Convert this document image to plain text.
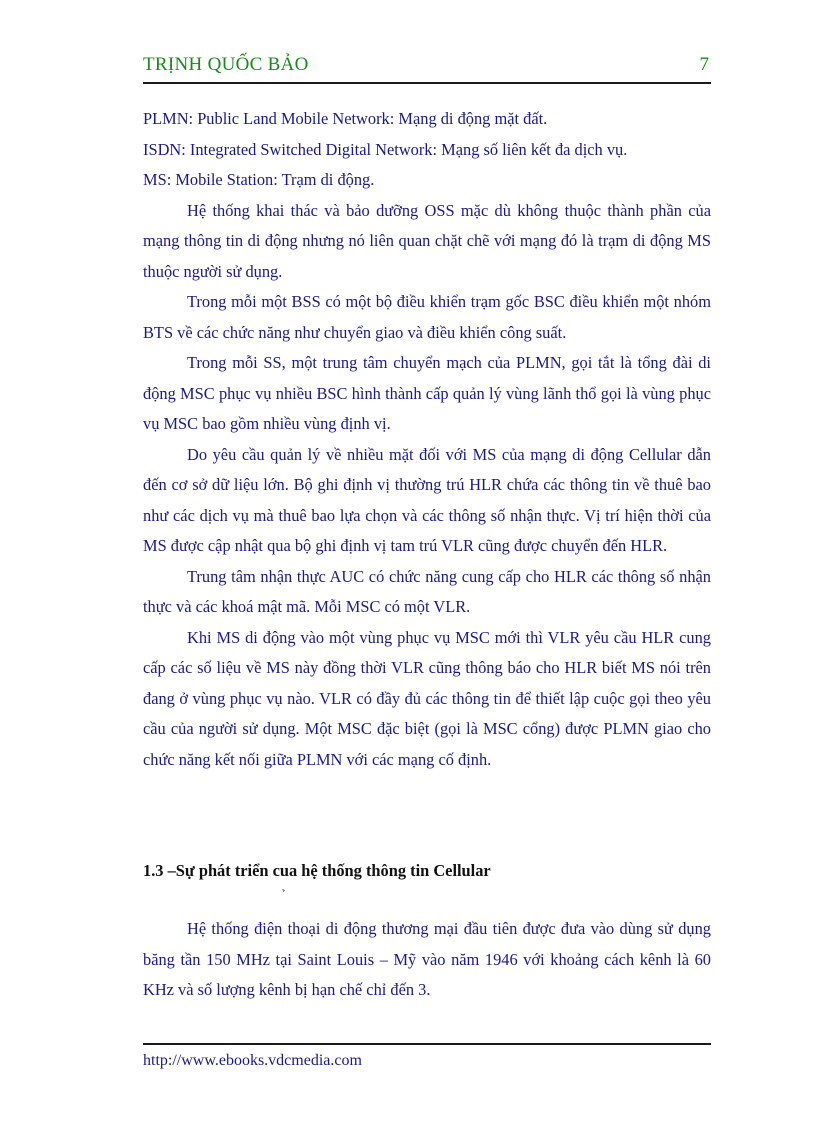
TRỊNH QUỐC BẢO	7

PLMN: Public Land Mobile Network: Mạng di động mặt đất.

ISDN: Integrated Switched Digital Network: Mạng số liên kết đa dịch vụ.

MS: Mobile Station: Trạm di động.

Hệ thống khai thác và bảo dưỡng OSS mặc dù không thuộc thành phần của mạng thông tin di động nhưng nó liên quan chặt chẽ với mạng đó là trạm di động MS thuộc người sử dụng.

Trong mỗi một BSS có một bộ điều khiển trạm gốc BSC điều khiển một nhóm BTS về các chức năng như chuyển giao và điều khiển công suất.

Trong mỗi SS, một trung tâm chuyển mạch của PLMN, gọi tắt là tổng đài di động MSC phục vụ nhiều BSC hình thành cấp quản lý vùng lãnh thổ gọi là vùng phục vụ MSC bao gồm nhiều vùng định vị.

Do yêu cầu quản lý về nhiều mặt đối với MS của mạng di động Cellular dẫn đến cơ sở dữ liệu lớn. Bộ ghi định vị thường trú HLR chứa các thông tin về thuê bao như các dịch vụ mà thuê bao lựa chọn và các thông số nhận thực. Vị trí hiện thời của MS được cập nhật qua bộ ghi định vị tam trú VLR cũng được chuyển đến HLR.

Trung tâm nhận thực AUC có chức năng cung cấp cho HLR các thông số nhận thực và các khoá mật mã. Mỗi MSC có một VLR.

Khi MS di động vào một vùng phục vụ MSC mới thì VLR yêu cầu HLR cung cấp các số liệu về MS này đồng thời VLR cũng thông báo cho HLR biết MS nói trên đang ở vùng phục vụ nào. VLR có đầy đủ các thông tin để thiết lập cuộc gọi theo yêu cầu của người sử dụng. Một MSC đặc biệt (gọi là MSC cổng) được PLMN giao cho chức năng kết nối giữa PLMN với các mạng cố định.

1.3 –Sự phát triển cua hệ thống thông tin Cellular

Hệ thống điện thoại di động thương mại đầu tiên được đưa vào dùng sử dụng băng tần 150 MHz tại Saint Louis – Mỹ vào năm 1946 với khoảng cách kênh là 60 KHz và số lượng kênh bị hạn chế chỉ đến 3.

http://www.ebooks.vdcmedia.com
